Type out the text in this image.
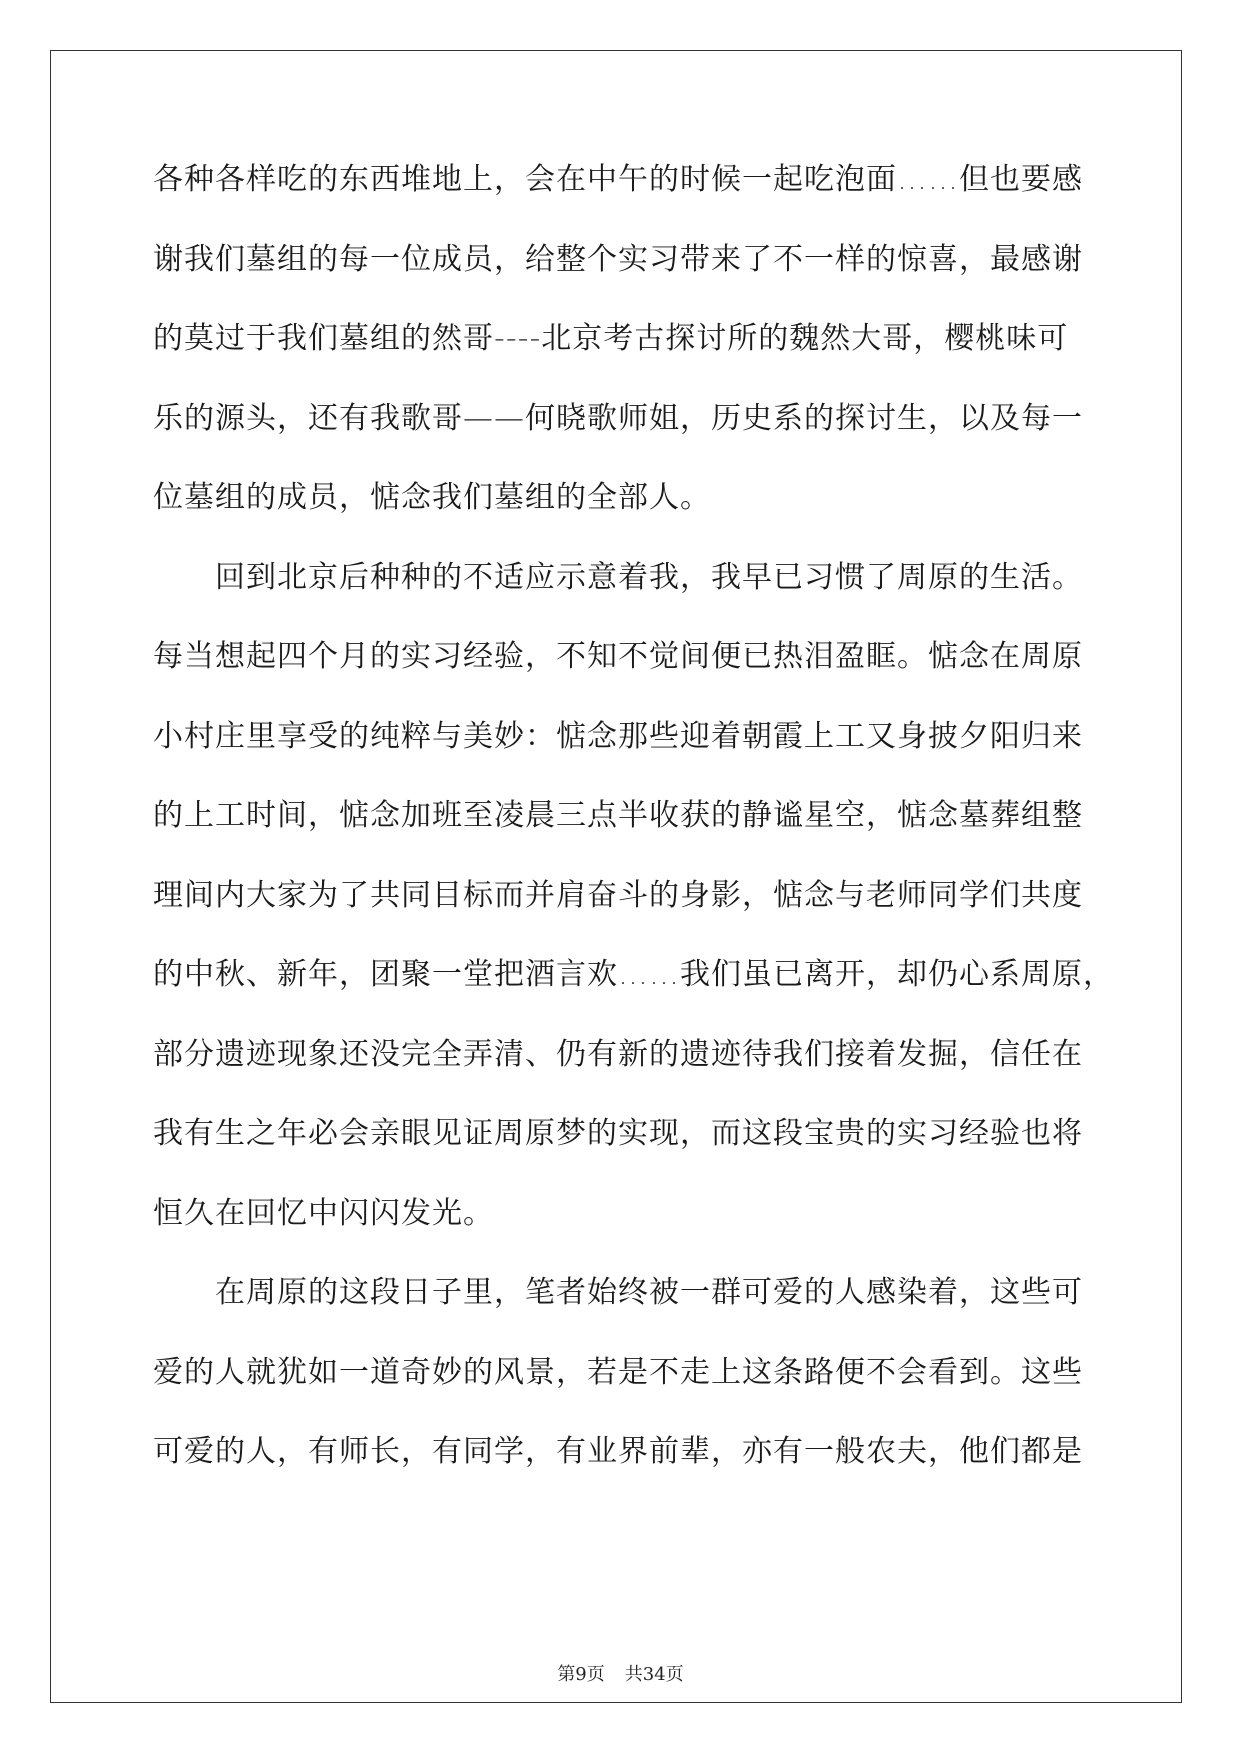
各种各样吃的东西堆地上，会在中午的时候一起吃泡面……但也要感
谢我们墓组的每一位成员，给整个实习带来了不一样的惊喜，最感谢
的莫过于我们墓组的然哥----北京考古探讨所的魏然大哥，樱桃味可
乐的源头，还有我歌哥——何晓歌师姐，历史系的探讨生，以及每一
位墓组的成员，惦念我们墓组的全部人。
回到北京后种种的不适应示意着我，我早已习惯了周原的生活。
每当想起四个月的实习经验，不知不觉间便已热泪盈眶。惦念在周原
小村庄里享受的纯粹与美妙：惦念那些迎着朝霞上工又身披夕阳归来
的上工时间，惦念加班至凌晨三点半收获的静谧星空，惦念墓葬组整
理间内大家为了共同目标而并肩奋斗的身影，惦念与老师同学们共度
的中秋、新年，团聚一堂把酒言欢……我们虽已离开，却仍心系周原，
部分遗迹现象还没完全弄清、仍有新的遗迹待我们接着发掘，信任在
我有生之年必会亲眼见证周原梦的实现，而这段宝贵的实习经验也将
恒久在回忆中闪闪发光。
在周原的这段日子里，笔者始终被一群可爱的人感染着，这些可
爱的人就犹如一道奇妙的风景，若是不走上这条路便不会看到。这些
可爱的人，有师长，有同学，有业界前辈，亦有一般农夫，他们都是
第9页 共34页
